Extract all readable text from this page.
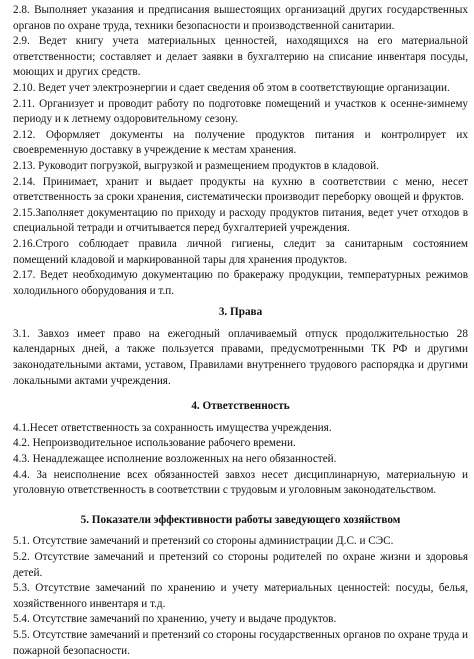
2.8. Выполняет указания и предписания вышестоящих организаций других государственных органов по охране труда, техники безопасности и производственной санитарии.

2.9. Ведет книгу учета материальных ценностей, находящихся на его материальной ответственности; составляет и делает заявки в бухгалтерию на списание инвентаря посуды, моющих и других средств.

2.10. Ведет учет электроэнергии и сдает сведения об этом в соответствующие организации.

2.11. Организует и проводит работу по подготовке помещений и участков к осенне-зимнему периоду и к летнему оздоровительному сезону.

2.12. Оформляет документы на получение продуктов питания и контролирует их своевременную доставку в учреждение к местам хранения.

2.13. Руководит погрузкой, выгрузкой и размещением продуктов в кладовой.

2.14. Принимает, хранит и выдает продукты на кухню в соответствии с меню, несет ответственность за сроки хранения, систематически производит переборку овощей и фруктов.

2.15.Заполняет документацию по приходу и расходу продуктов питания, ведет учет отходов в специальной тетради и отчитывается перед бухгалтерией учреждения.

2.16.Строго соблюдает правила личной гигиены, следит за санитарным состоянием помещений кладовой и маркированной тары для хранения продуктов.

2.17. Ведет необходимую документацию по бракеражу продукции, температурных режимов холодильного оборудования и т.п.

3. Права

3.1. Завхоз имеет право на ежегодный оплачиваемый отпуск продолжительностью 28 календарных дней, а также пользуется правами, предусмотренными ТК РФ и другими законодательными актами, уставом, Правилами внутреннего трудового распорядка и другими локальными актами учреждения.

4. Ответственность

4.1.Несет ответственность за сохранность имущества учреждения.

4.2. Непроизводительное использование рабочего времени.

4.3. Ненадлежащее исполнение возложенных на него обязанностей.

4.4. За неисполнение всех обязанностей завхоз несет дисциплинарную, материальную и уголовную ответственность в соответствии с трудовым и уголовным законодательством.

5. Показатели эффективности работы заведующего хозяйством

5.1. Отсутствие замечаний и претензий со стороны администрации Д.С. и СЭС.

5.2. Отсутствие замечаний и претензий со стороны родителей по охране жизни и здоровья детей.

5.3. Отсутствие замечаний по хранению и учету материальных ценностей: посуды, белья, хозяйственного инвентаря и т.д.

5.4. Отсутствие замечаний по хранению, учету и выдаче продуктов.

5.5. Отсутствие замечаний и претензий со стороны государственных органов по охране труда и пожарной безопасности.
